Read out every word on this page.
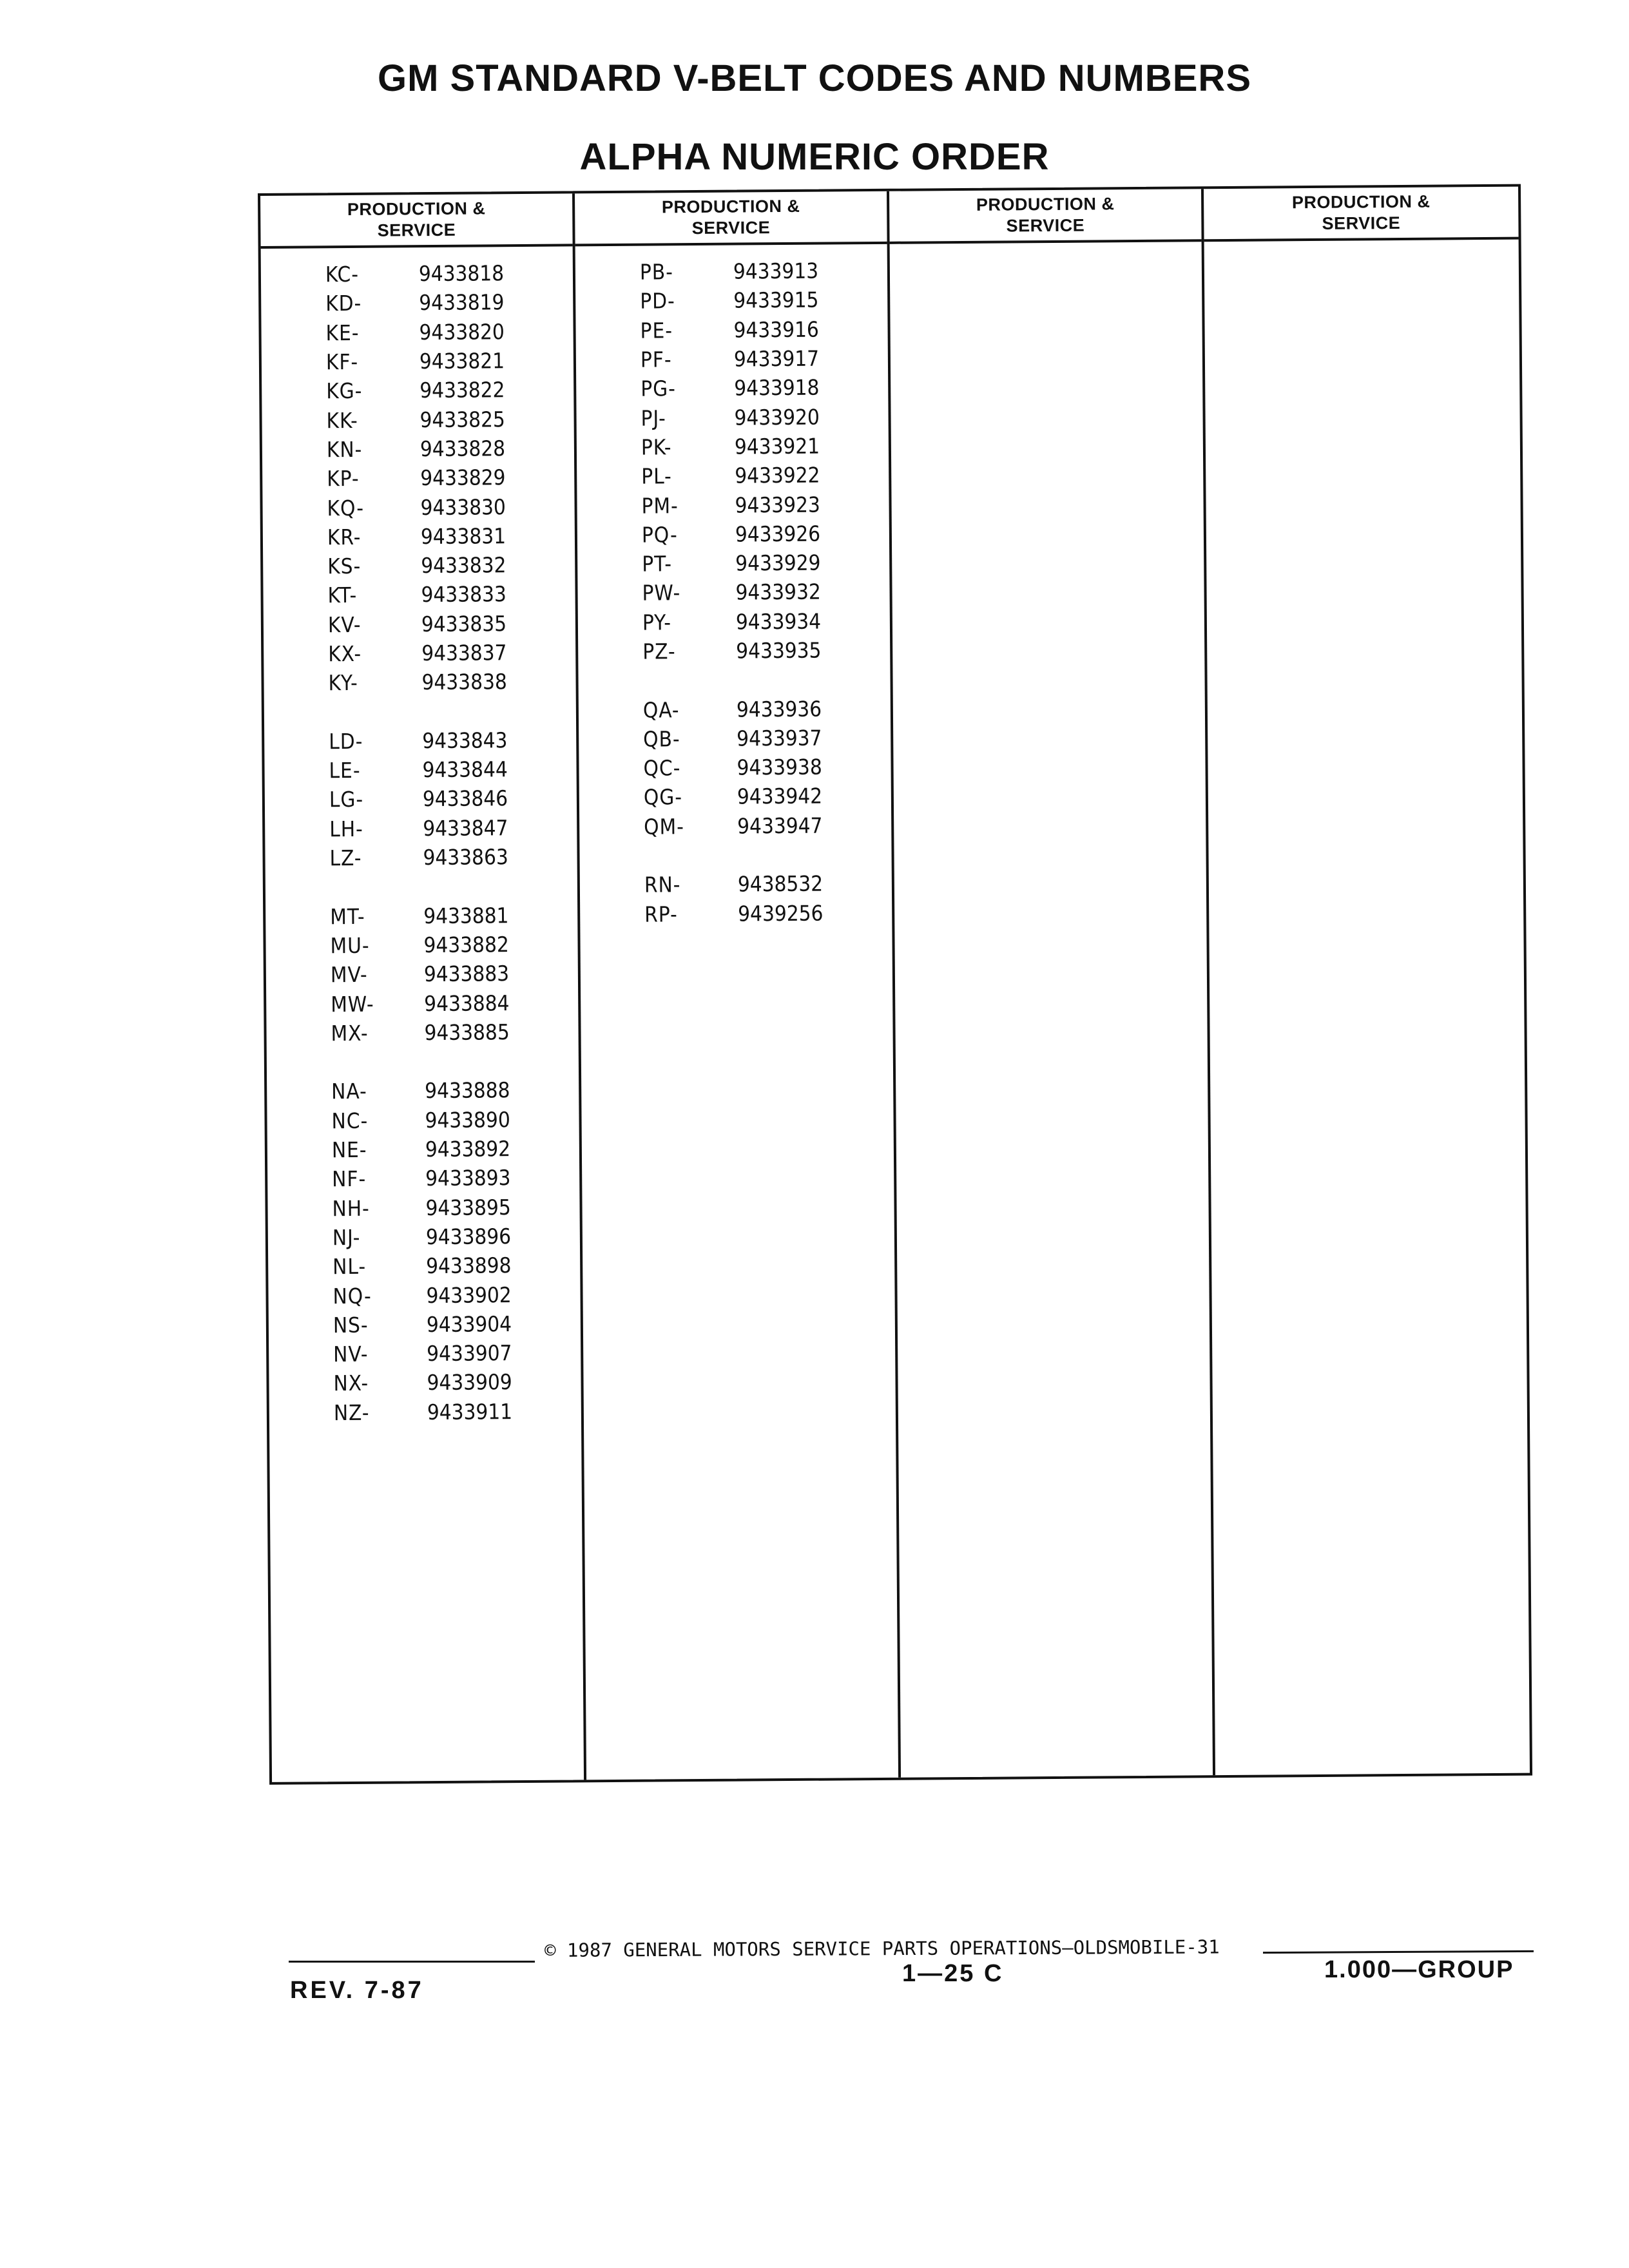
GM STANDARD V-BELT CODES AND NUMBERS
ALPHA NUMERIC ORDER
PRODUCTION &
SERVICE
KC-	9433818
KD-	9433819
KE-	9433820
KF-	9433821
KG-	9433822
KK-	9433825
KN-	9433828
KP-	9433829
KQ-	9433830
KR-	9433831
KS-	9433832
KT-	9433833
KV-	9433835
KX-	9433837
KY-	9433838
LD-	9433843
LE-	9433844
LG-	9433846
LH-	9433847
LZ-	9433863
MT-	9433881
MU-	9433882
MV-	9433883
MW-	9433884
MX-	9433885
NA-	9433888
NC-	9433890
NE-	9433892
NF-	9433893
NH-	9433895
NJ-	9433896
NL-	9433898
NQ-	9433902
NS-	9433904
NV-	9433907
NX-	9433909
NZ-	9433911
PRODUCTION &
SERVICE
PB-	9433913
PD-	9433915
PE-	9433916
PF-	9433917
PG-	9433918
PJ-	9433920
PK-	9433921
PL-	9433922
PM-	9433923
PQ-	9433926
PT-	9433929
PW-	9433932
PY-	9433934
PZ-	9433935
QA-	9433936
QB-	9433937
QC-	9433938
QG-	9433942
QM-	9433947
RN-	9438532
RP-	9439256
PRODUCTION &
SERVICE
PRODUCTION &
SERVICE
© 1987 GENERAL MOTORS SERVICE PARTS OPERATIONS—OLDSMOBILE-31
REV. 7-87
1—25 C	1.000—GROUP
